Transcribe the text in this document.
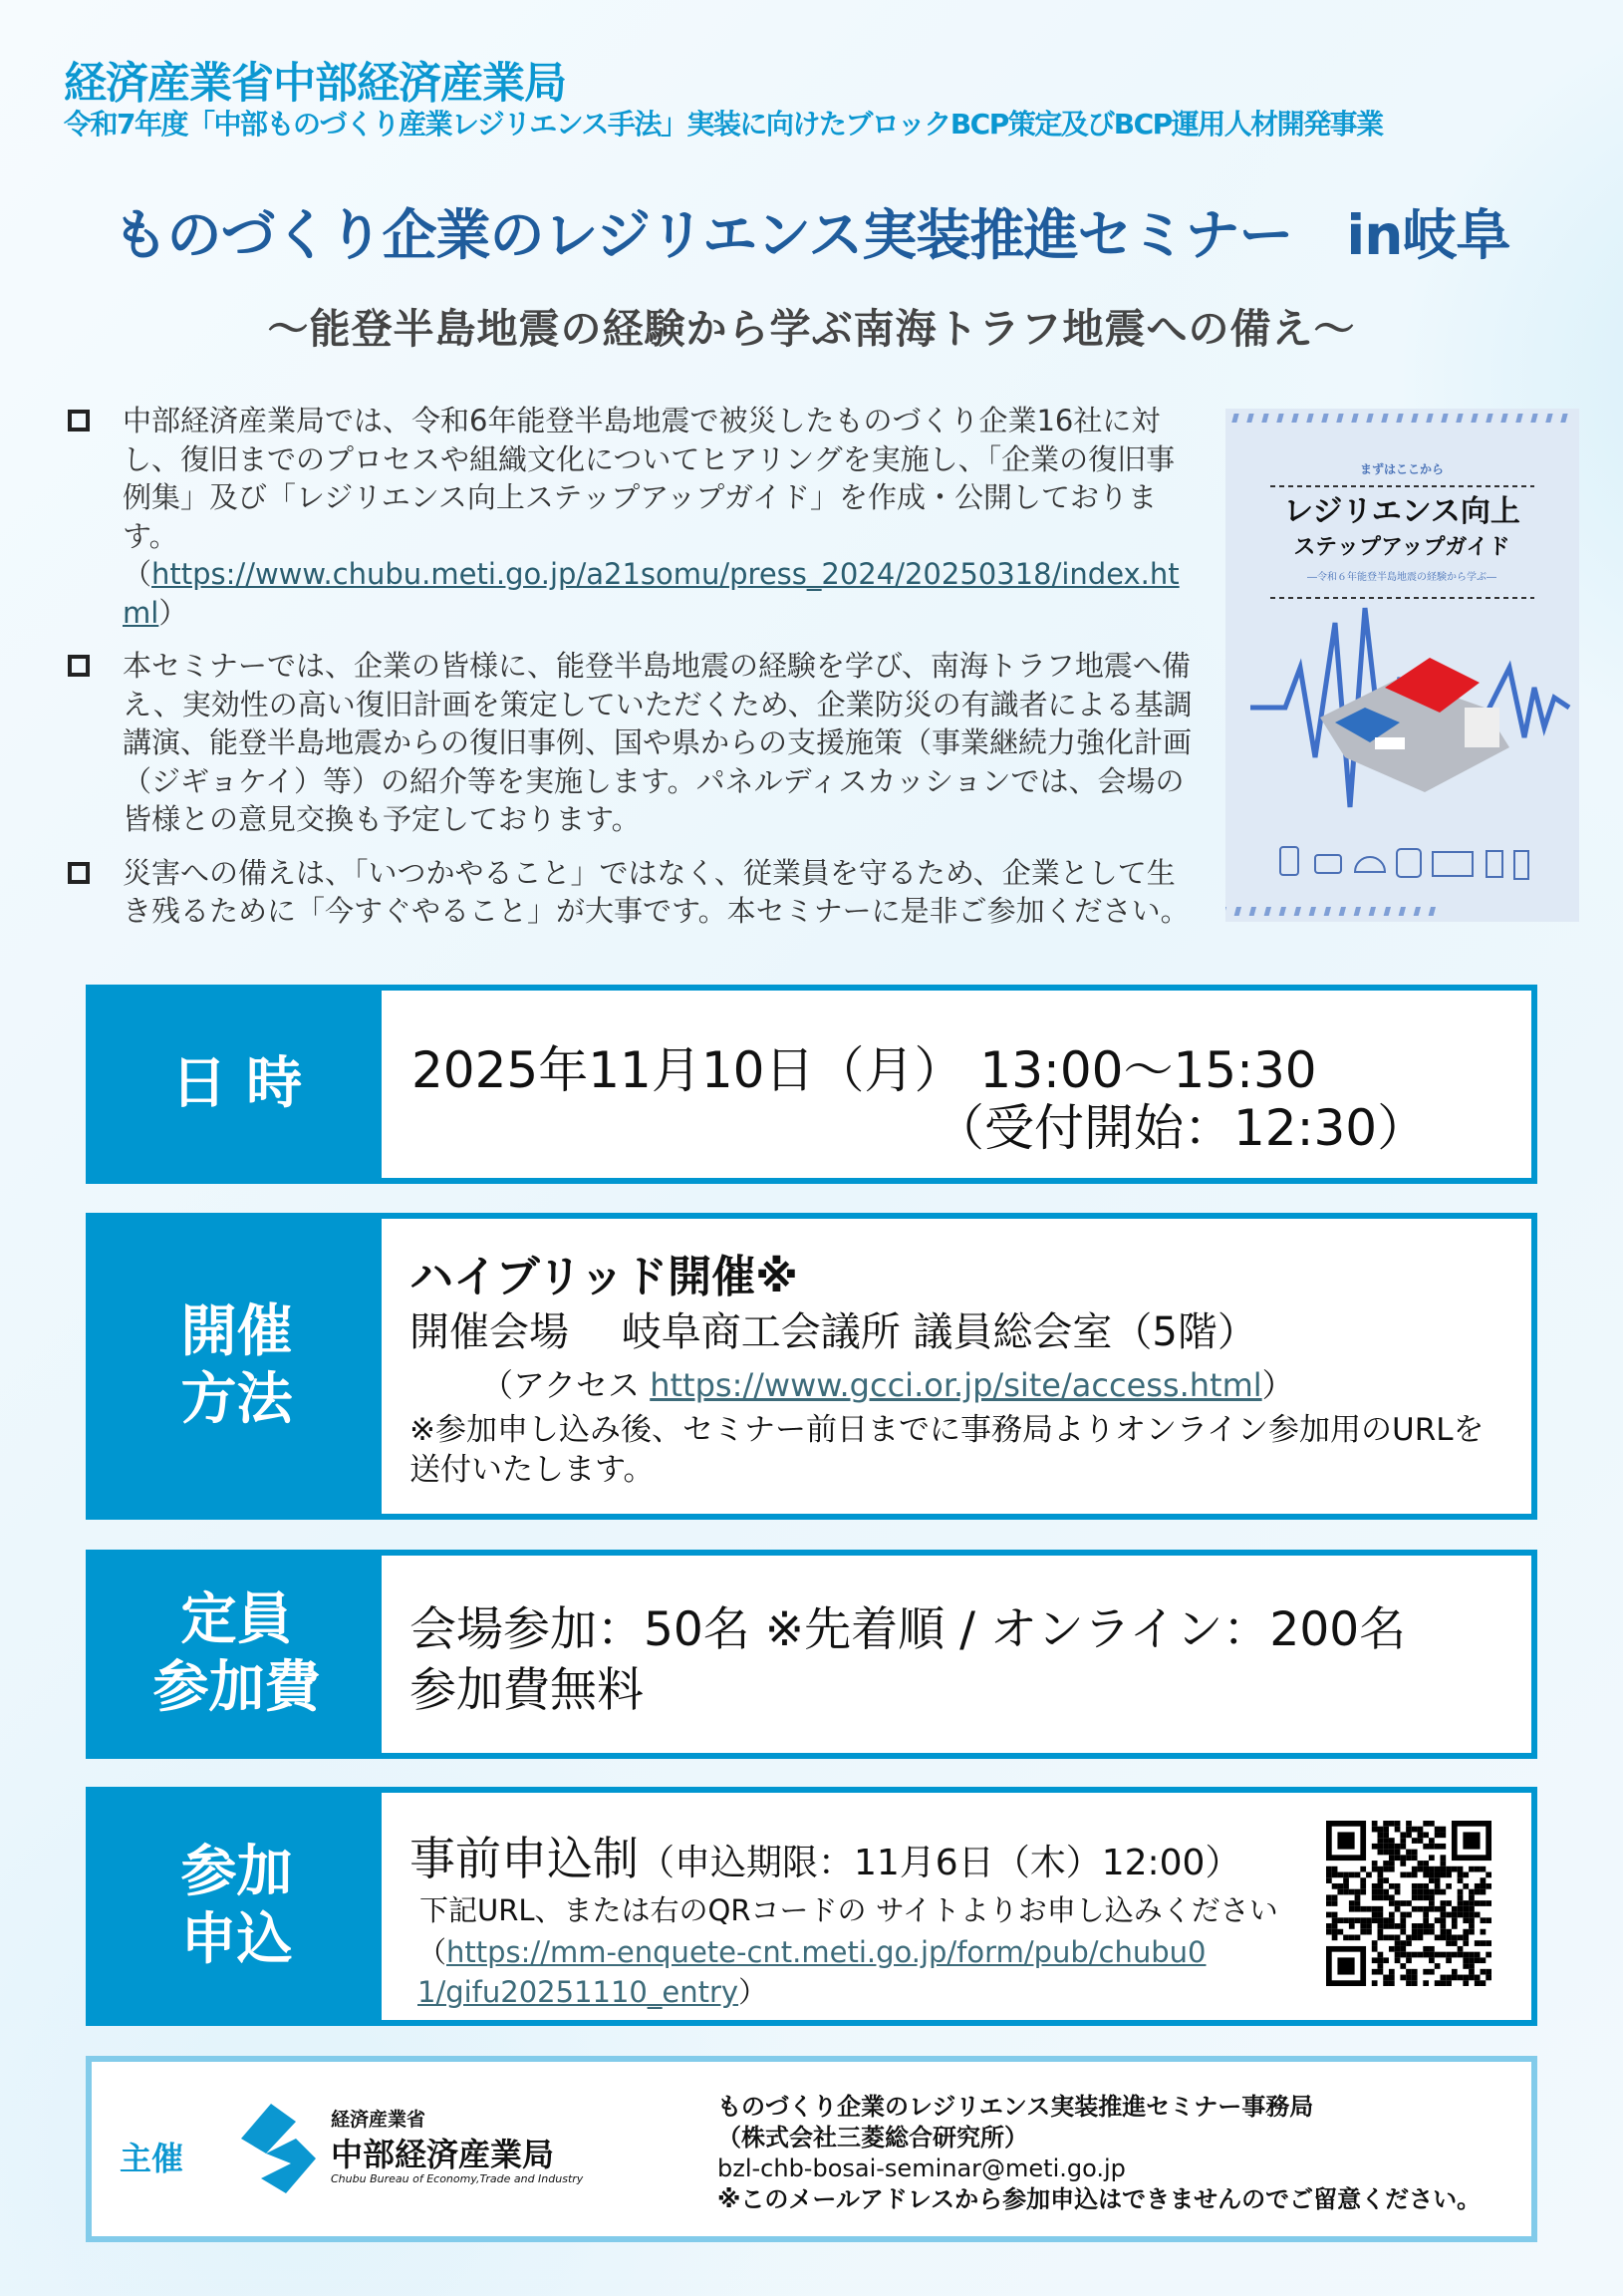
経済産業省中部経済産業局
令和7年度「中部ものづくり産業レジリエンス手法」実装に向けたブロックBCP策定及びBCP運用人材開発事業
ものづくり企業のレジリエンス実装推進セミナー　in岐阜
～能登半島地震の経験から学ぶ南海トラフ地震への備え～

中部経済産業局では、令和6年能登半島地震で被災したものづくり企業16社に対し、復旧までのプロセスや組織文化についてヒアリングを実施し、「企業の復旧事例集」及び「レジリエンス向上ステップアップガイド」を作成・公開しております。
（https://www.chubu.meti.go.jp/a21somu/press_2024/20250318/index.html）

本セミナーでは、企業の皆様に、能登半島地震の経験を学び、南海トラフ地震へ備え、実効性の高い復旧計画を策定していただくため、企業防災の有識者による基調講演、能登半島地震からの復旧事例、国や県からの支援施策（事業継続力強化計画（ジギョケイ）等）の紹介等を実施します。パネルディスカッションでは、会場の皆様との意見交換も予定しております。

災害への備えは、「いつかやること」ではなく、従業員を守るため、企業として生き残るために「今すぐやること」が大事です。本セミナーに是非ご参加ください。

まずはここから
レジリエンス向上
ステップアップガイド
―令和６年能登半島地震の経験から学ぶ―
日 時	2025年11月10日（月） 13:00～15:30
（受付開始：12:30）
開催
方法
ハイブリッド開催※
開催会場　 岐阜商工会議所 議員総会室（5階）
（アクセス https://www.gcci.or.jp/site/access.html）
※参加申し込み後、セミナー前日までに事務局よりオンライン参加用のURLを送付いたします。
定員
参加費
会場参加：50名 ※先着順 / オンライン：200名
参加費無料
参加
申込
事前申込制（申込期限：11月6日（木）12:00）
下記URL、または右のQRコードの サイトよりお申し込みください
（https://mm-enquete-cnt.meti.go.jp/form/pub/chubu01/gifu20251110_entry）
主催
経済産業省
中部経済産業局
Chubu Bureau of Economy,Trade and Industry
ものづくり企業のレジリエンス実装推進セミナー事務局
（株式会社三菱総合研究所）
bzl-chb-bosai-seminar@meti.go.jp
※このメールアドレスから参加申込はできませんのでご留意ください。
